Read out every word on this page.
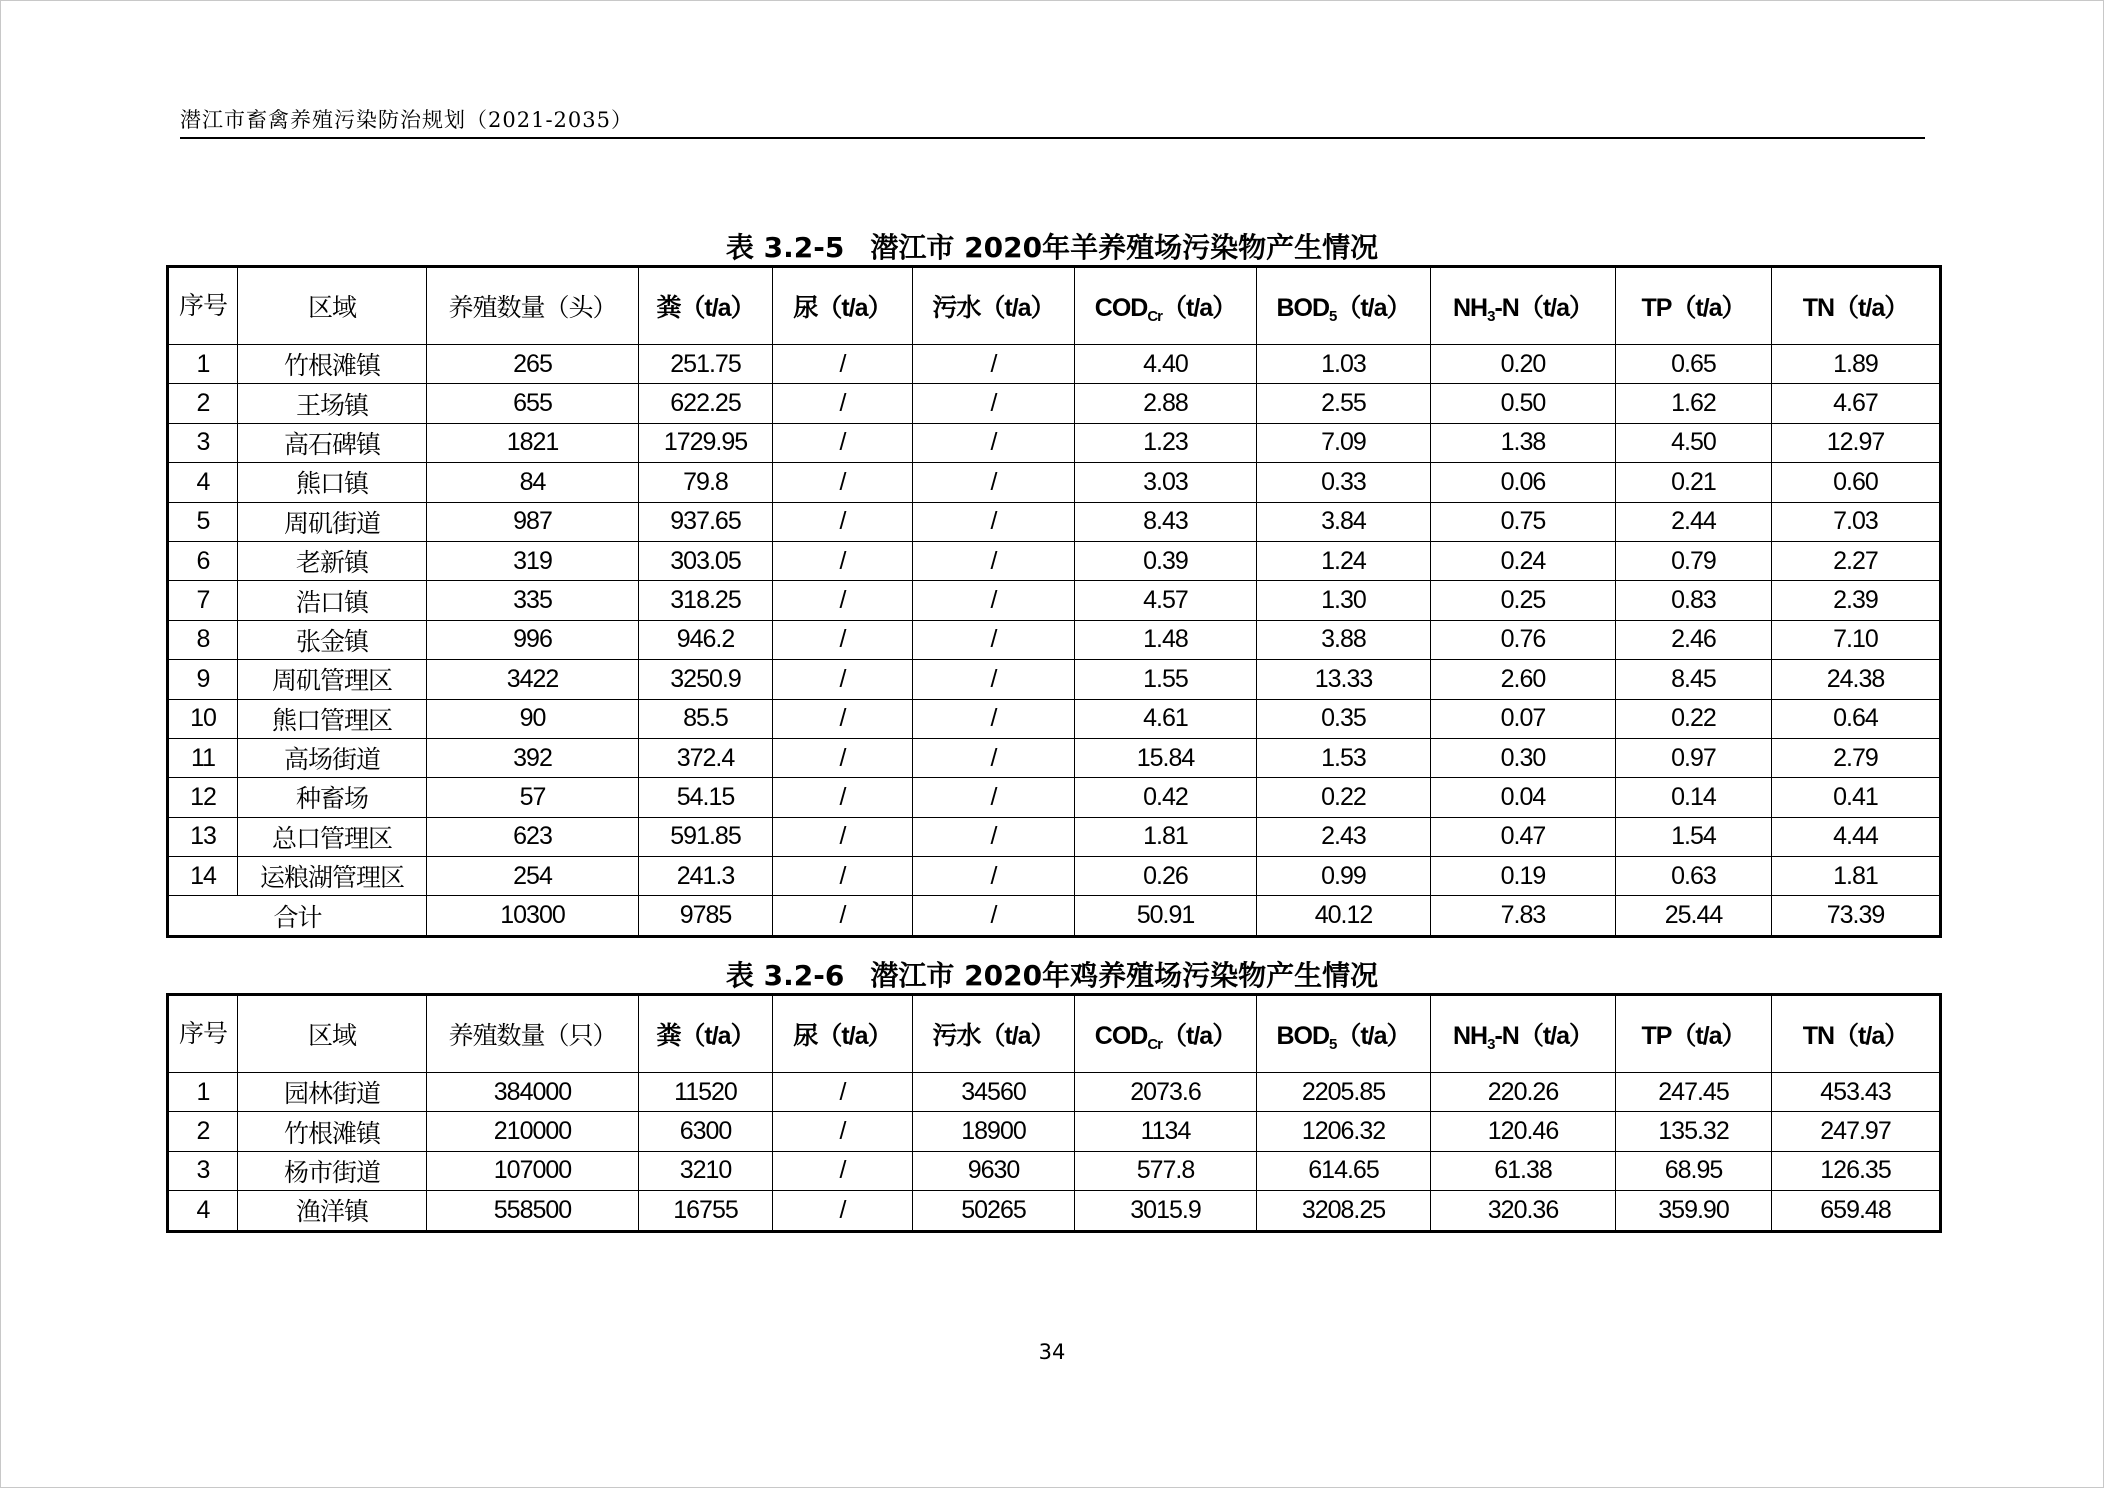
潜江市畜禽养殖污染防治规划（2021-2035）
表 3.2-5 潜江市 2020年羊养殖场污染物产生情况
序号	区域	养殖数量（头）	粪（t/a）	尿（t/a）	污水（t/a）	$COD_{Cr}(t/a)$	$BOD_5(t/a)$	$NH_3-N(t/a)$	TP（t/a）	TN（t/a）
1	竹根滩镇	265	251.75	/	/	4.40	1.03	0.20	0.65	1.89
2	王场镇	655	622.25	/	/	2.88	2.55	0.50	1.62	4.67
3	高石碑镇	1821	1729.95	/	/	1.23	7.09	1.38	4.50	12.97
4	熊口镇	84	79.8	/	/	3.03	0.33	0.06	0.21	0.60
5	周矶街道	987	937.65	/	/	8.43	3.84	0.75	2.44	7.03
6	老新镇	319	303.05	/	/	0.39	1.24	0.24	0.79	2.27
7	浩口镇	335	318.25	/	/	4.57	1.30	0.25	0.83	2.39
8	张金镇	996	946.2	/	/	1.48	3.88	0.76	2.46	7.10
9	周矶管理区	3422	3250.9	/	/	1.55	13.33	2.60	8.45	24.38
10	熊口管理区	90	85.5	/	/	4.61	0.35	0.07	0.22	0.64
11	高场街道	392	372.4	/	/	15.84	1.53	0.30	0.97	2.79
12	种畜场	57	54.15	/	/	0.42	0.22	0.04	0.14	0.41
13	总口管理区	623	591.85	/	/	1.81	2.43	0.47	1.54	4.44
14	运粮湖管理区	254	241.3	/	/	0.26	0.99	0.19	0.63	1.81
合计		10300	9785	/	/	50.91	40.12	7.83	25.44	73.39
表 3.2-6 潜江市 2020年鸡养殖场污染物产生情况
序号	区域	养殖数量（只）	粪（t/a）	尿（t/a）	污水（t/a）	$COD_{Cr}(t/a)$	$BOD_5(t/a)$	$NH_3-N(t/a)$	TP（t/a）	TN（t/a）
1	园林街道	384000	11520	/	34560	2073.6	2205.85	220.26	247.45	453.43
2	竹根滩镇	210000	6300	/	18900	1134	1206.32	120.46	135.32	247.97
3	杨市街道	107000	3210	/	9630	577.8	614.65	61.38	68.95	126.35
4	渔洋镇	558500	16755	/	50265	3015.9	3208.25	320.36	359.90	659.48
34
